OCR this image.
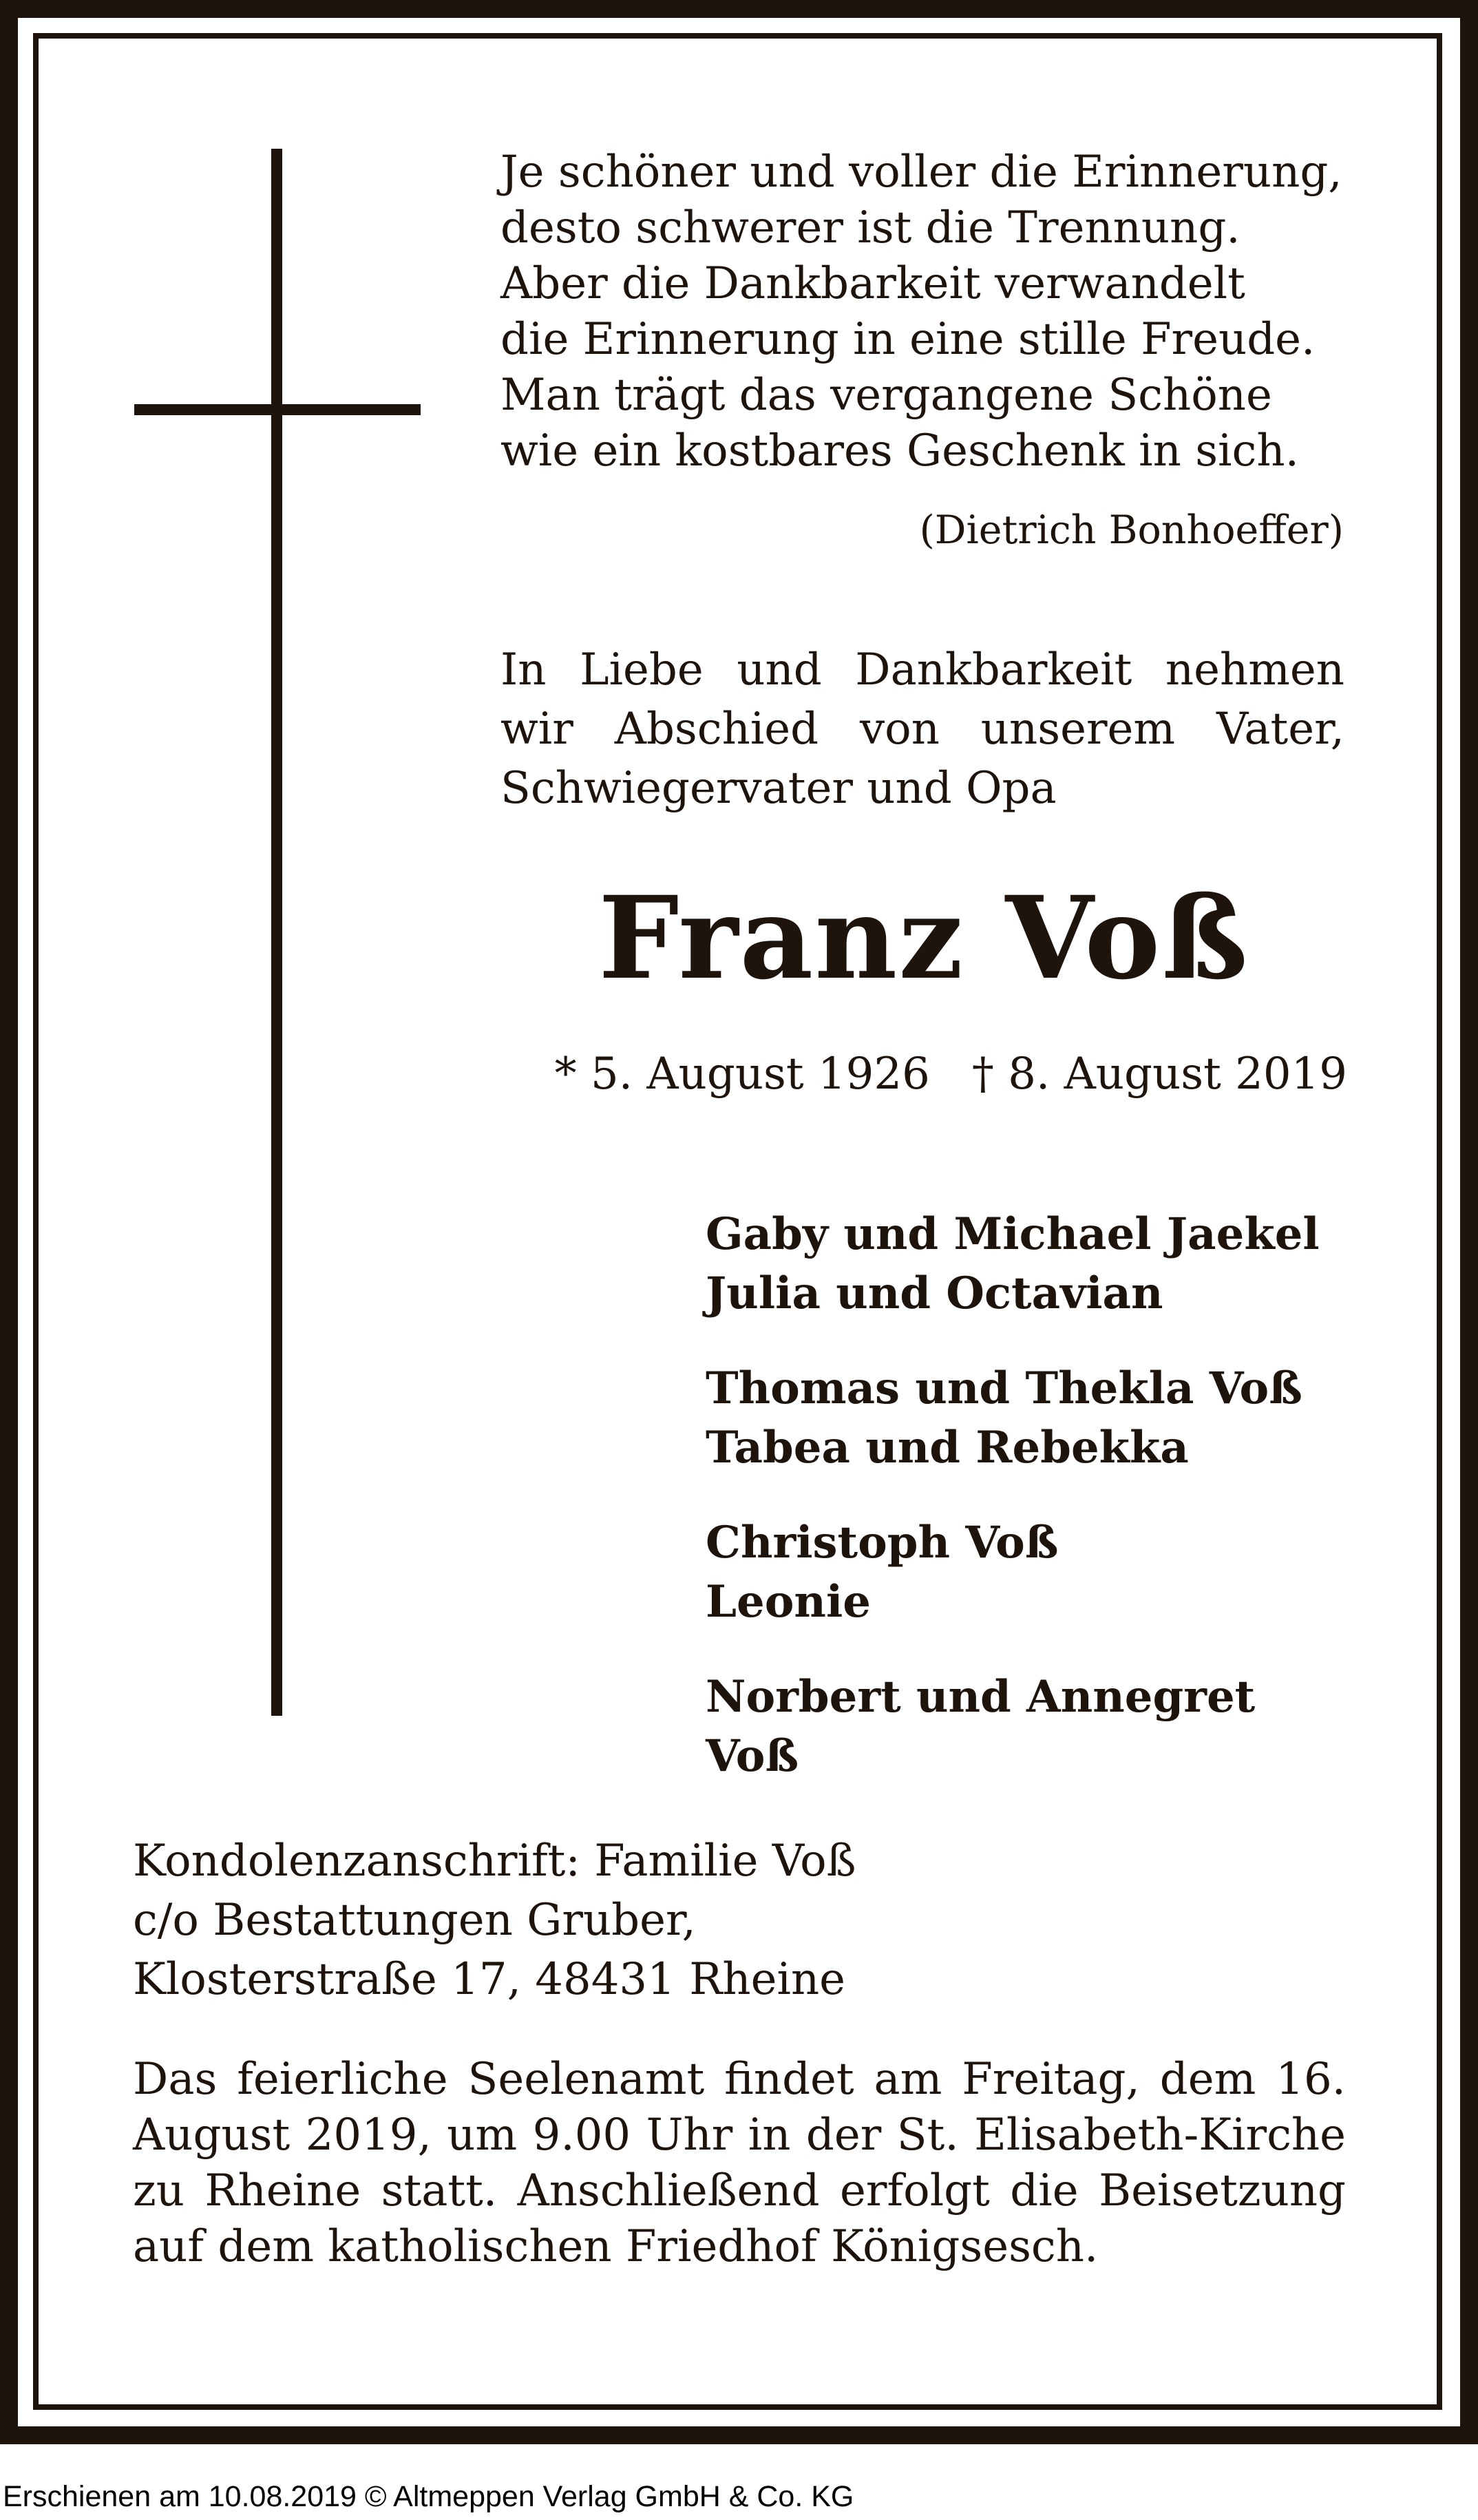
Je schöner und voller die Erinnerung,
desto schwerer ist die Trennung.
Aber die Dankbarkeit verwandelt
die Erinnerung in eine stille Freude.
Man trägt das vergangene Schöne
wie ein kostbares Geschenk in sich.
(Dietrich Bonhoeffer)
In Liebe und Dankbarkeit nehmen wir Abschied von unserem Vater, Schwiegervater und Opa
Franz Voß
* 5. August 1926 † 8. August 2019
Gaby und Michael Jaekel
Julia und Octavian
Thomas und Thekla Voß
Tabea und Rebekka
Christoph Voß
Leonie
Norbert und Annegret Voß
Kondolenzanschrift: Familie Voß
c/o Bestattungen Gruber,
Klosterstraße 17, 48431 Rheine
Das feierliche Seelenamt findet am Freitag, dem 16. August 2019, um 9.00 Uhr in der St. Elisabeth-Kirche zu Rheine statt. Anschließend erfolgt die Beisetzung auf dem katholischen Friedhof Königsesch.
Erschienen am 10.08.2019 © Altmeppen Verlag GmbH & Co. KG
